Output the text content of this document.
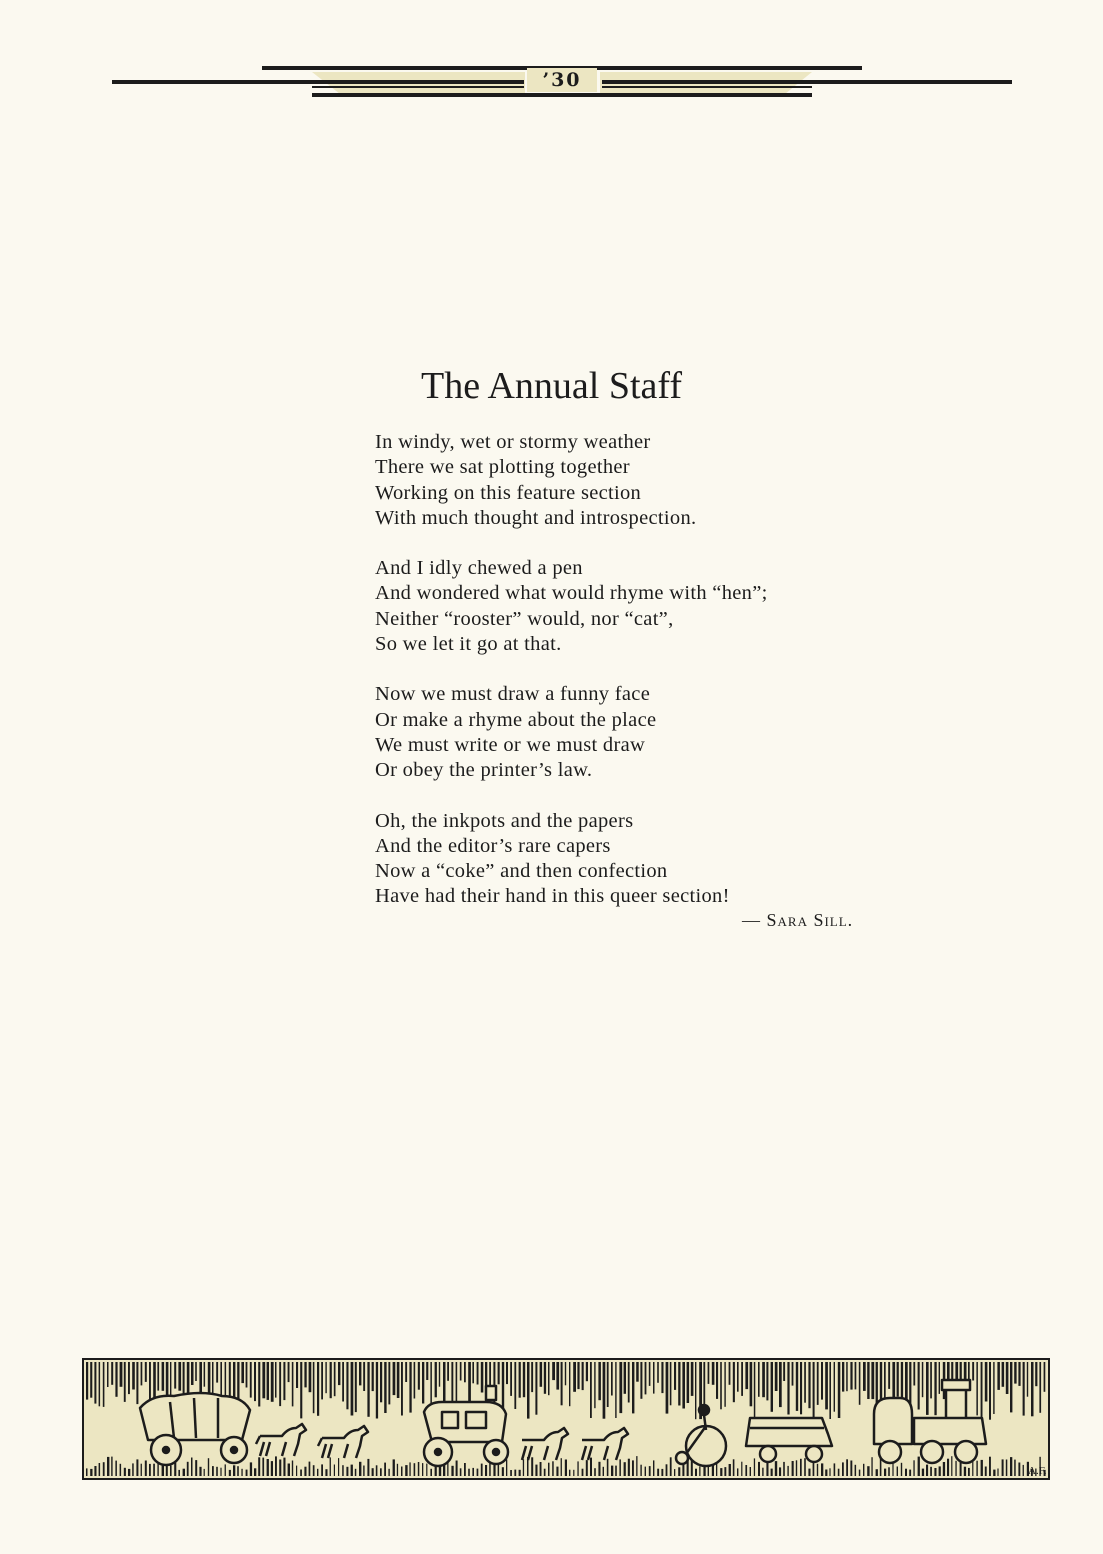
’30
The Annual Staff
In windy, wet or stormy weather
There we sat plotting together
Working on this feature section
With much thought and introspection.
And I idly chewed a pen
And wondered what would rhyme with “hen”;
Neither “rooster” would, nor “cat”,
So we let it go at that.
Now we must draw a funny face
Or make a rhyme about the place
We must write or we must draw
Or obey the printer’s law.
Oh, the inkpots and the papers
And the editor’s rare capers
Now a “coke” and then confection
Have had their hand in this queer section!
— Sara Sill.
A.F.
